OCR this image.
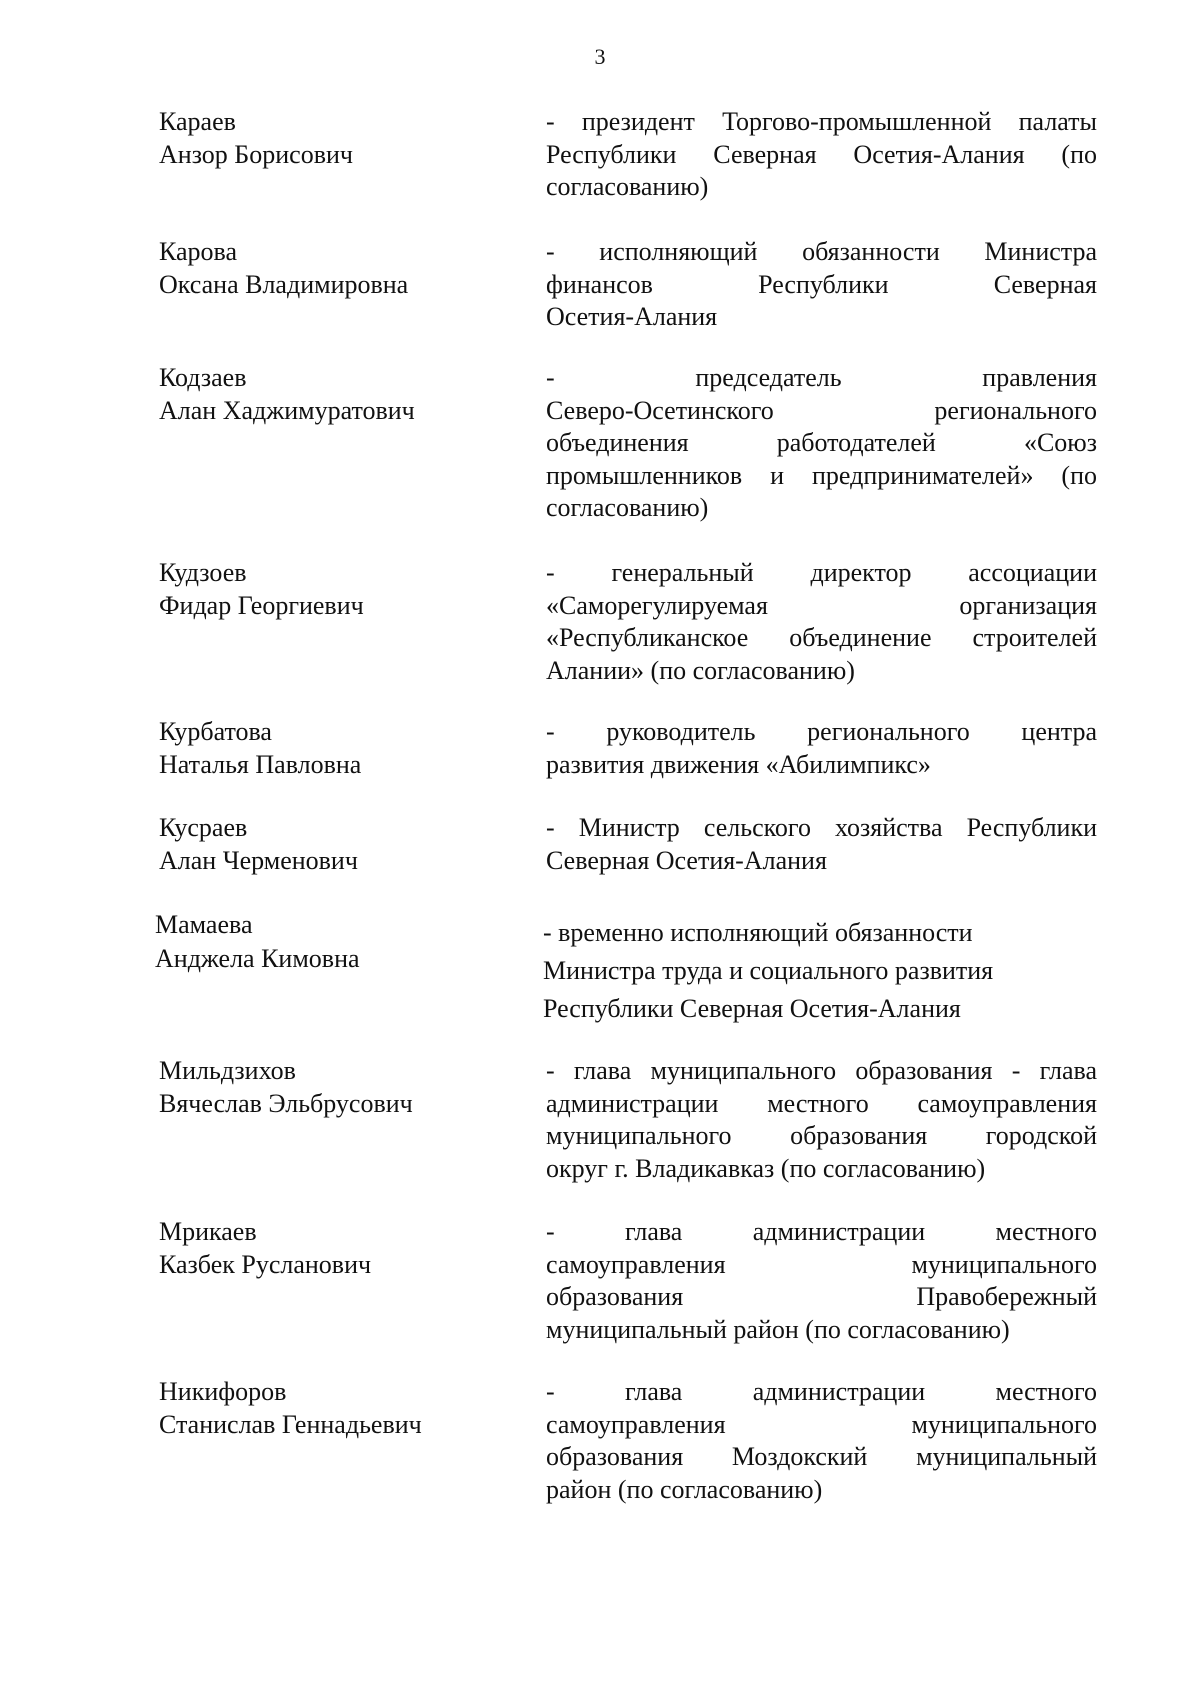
3
Караев
Анзор Борисович
- президент Торгово-промышленной палаты
Республики Северная Осетия-Алания (по
согласованию)
Карова
Оксана Владимировна
- исполняющий обязанности Министра
финансов Республики Северная
Осетия-Алания
Кодзаев
Алан Хаджимуратович
- председатель правления
Северо-Осетинского регионального
объединения работодателей «Союз
промышленников и предпринимателей» (по
согласованию)
Кудзоев
Фидар Георгиевич
- генеральный директор ассоциации
«Саморегулируемая организация
«Республиканское объединение строителей
Алании» (по согласованию)
Курбатова
Наталья Павловна
- руководитель регионального центра
развития движения «Абилимпикс»
Кусраев
Алан Черменович
- Министр сельского хозяйства Республики
Северная Осетия-Алания
Мамаева
Анджела Кимовна
- временно исполняющий обязанности
Министра труда и социального развития
Республики Северная Осетия-Алания
Мильдзихов
Вячеслав Эльбрусович
- глава муниципального образования - глава
администрации местного самоуправления
муниципального образования городской
округ г. Владикавказ (по согласованию)
Мрикаев
Казбек Русланович
- глава администрации местного
самоуправления муниципального
образования Правобережный
муниципальный район (по согласованию)
Никифоров
Станислав Геннадьевич
- глава администрации местного
самоуправления муниципального
образования Моздокский муниципальный
район (по согласованию)
